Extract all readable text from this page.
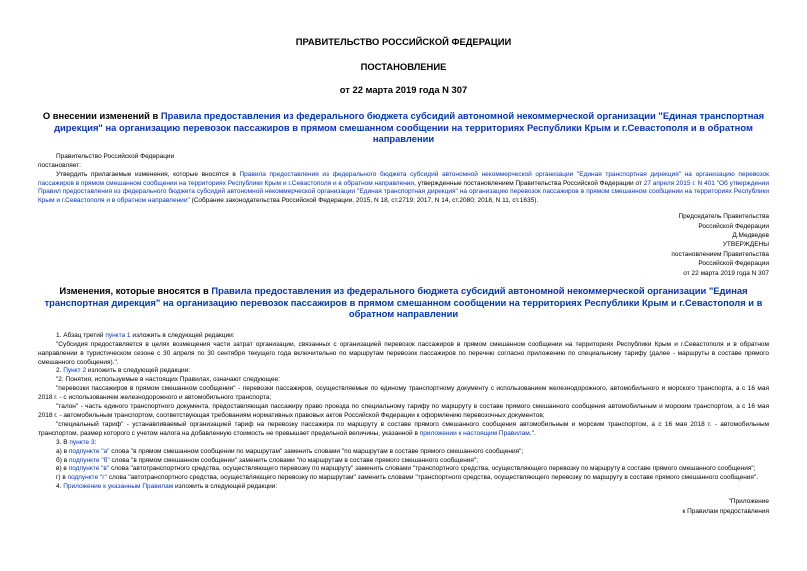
ПРАВИТЕЛЬСТВО РОССИЙСКОЙ ФЕДЕРАЦИИ
ПОСТАНОВЛЕНИЕ
от 22 марта 2019 года N 307
О внесении изменений в Правила предоставления из федерального бюджета субсидий автономной некоммерческой организации "Единая транспортная дирекция" на организацию перевозок пассажиров в прямом смешанном сообщении на территориях Республики Крым и г.Севастополя и в обратном направлении

Правительство Российской Федерации

постановляет:

Утвердить прилагаемые изменения, которые вносятся в Правила предоставления из федерального бюджета субсидий автономной некоммерческой организации "Единая транспортная дирекция" на организацию перевозок пассажиров в прямом смешанном сообщении на территориях Республики Крым и г.Севастополя и в обратном направлении, утвержденные постановлением Правительства Российской Федерации от 27 апреля 2015 г. N 401 "Об утверждении Правил предоставления из федерального бюджета субсидий автономной некоммерческой организации "Единая транспортная дирекция" на организацию перевозок пассажиров в прямом смешанном сообщении на территориях Республики Крым и г.Севастополя и в обратном направлении" (Собрание законодательства Российской Федерации, 2015, N 18, ст.2719; 2017, N 14, ст.2080; 2018, N 11, ст.1635).

Председатель Правительства
Российской Федерации
Д.Медведев
УТВЕРЖДЕНЫ
постановлением Правительства
Российской Федерации
от 22 марта 2019 года N 307
Изменения, которые вносятся в Правила предоставления из федерального бюджета субсидий автономной некоммерческой организации "Единая транспортная дирекция" на организацию перевозок пассажиров в прямом смешанном сообщении на территориях Республики Крым и г.Севастополя и в обратном направлении

1. Абзац третий пункта 1 изложить в следующей редакции:

"Субсидия предоставляется в целях возмещения части затрат организации, связанных с организацией перевозок пассажиров в прямом смешанном сообщении на территориях Республики Крым и г.Севастополя и в обратном направлении в туристическом сезоне с 30 апреля по 30 сентября текущего года включительно по маршрутам перевозок пассажиров по перечню согласно приложению по специальному тарифу (далее - маршруты в составе прямого смешанного сообщения).".

2. Пункт 2 изложить в следующей редакции:

"2. Понятия, используемые в настоящих Правилах, означают следующее:

"перевозки пассажиров в прямом смешанном сообщении" - перевозки пассажиров, осуществляемые по единому транспортному документу с использованием железнодорожного, автомобильного и морского транспорта, а с 16 мая 2018 г. - с использованием железнодорожного и автомобильного транспорта;

"талон" - часть единого транспортного документа, предоставляющая пассажиру право проезда по специальному тарифу по маршруту в составе прямого смешанного сообщения автомобильным и морским транспортом, а с 16 мая 2018 г. - автомобильным транспортом, соответствующая требованиям нормативных правовых актов Российской Федерации к оформлению перевозочных документов;

"специальный тариф" - устанавливаемый организацией тариф на перевозку пассажира по маршруту в составе прямого смешанного сообщения автомобильным и морским транспортом, а с 16 мая 2018 г. - автомобильным транспортом, размер которого с учетом налога на добавленную стоимость не превышает предельной величины, указанной в приложении к настоящим Правилам.".

3. В пункте 3:

а) в подпункте "а" слова "в прямом смешанном сообщении по маршрутам" заменить словами "по маршрутам в составе прямого смешанного сообщения";

б) в подпункте "б" слова "в прямом смешанном сообщении" заменить словами "по маршрутам в составе прямого смешанного сообщения";

в) в подпункте "в" слова "автотранспортного средства, осуществляющего перевозку по маршруту" заменить словами "транспортного средства, осуществляющего перевозку по маршруту в составе прямого смешанного сообщения";

г) в подпункте "г" слова "автотранспортного средства, осуществляющего перевозку по маршрутам" заменить словами "транспортного средства, осуществляющего перевозку по маршруту в составе прямого смешанного сообщения".

4. Приложение к указанным Правилам изложить в следующей редакции:

"Приложение
к Правилам предоставления
